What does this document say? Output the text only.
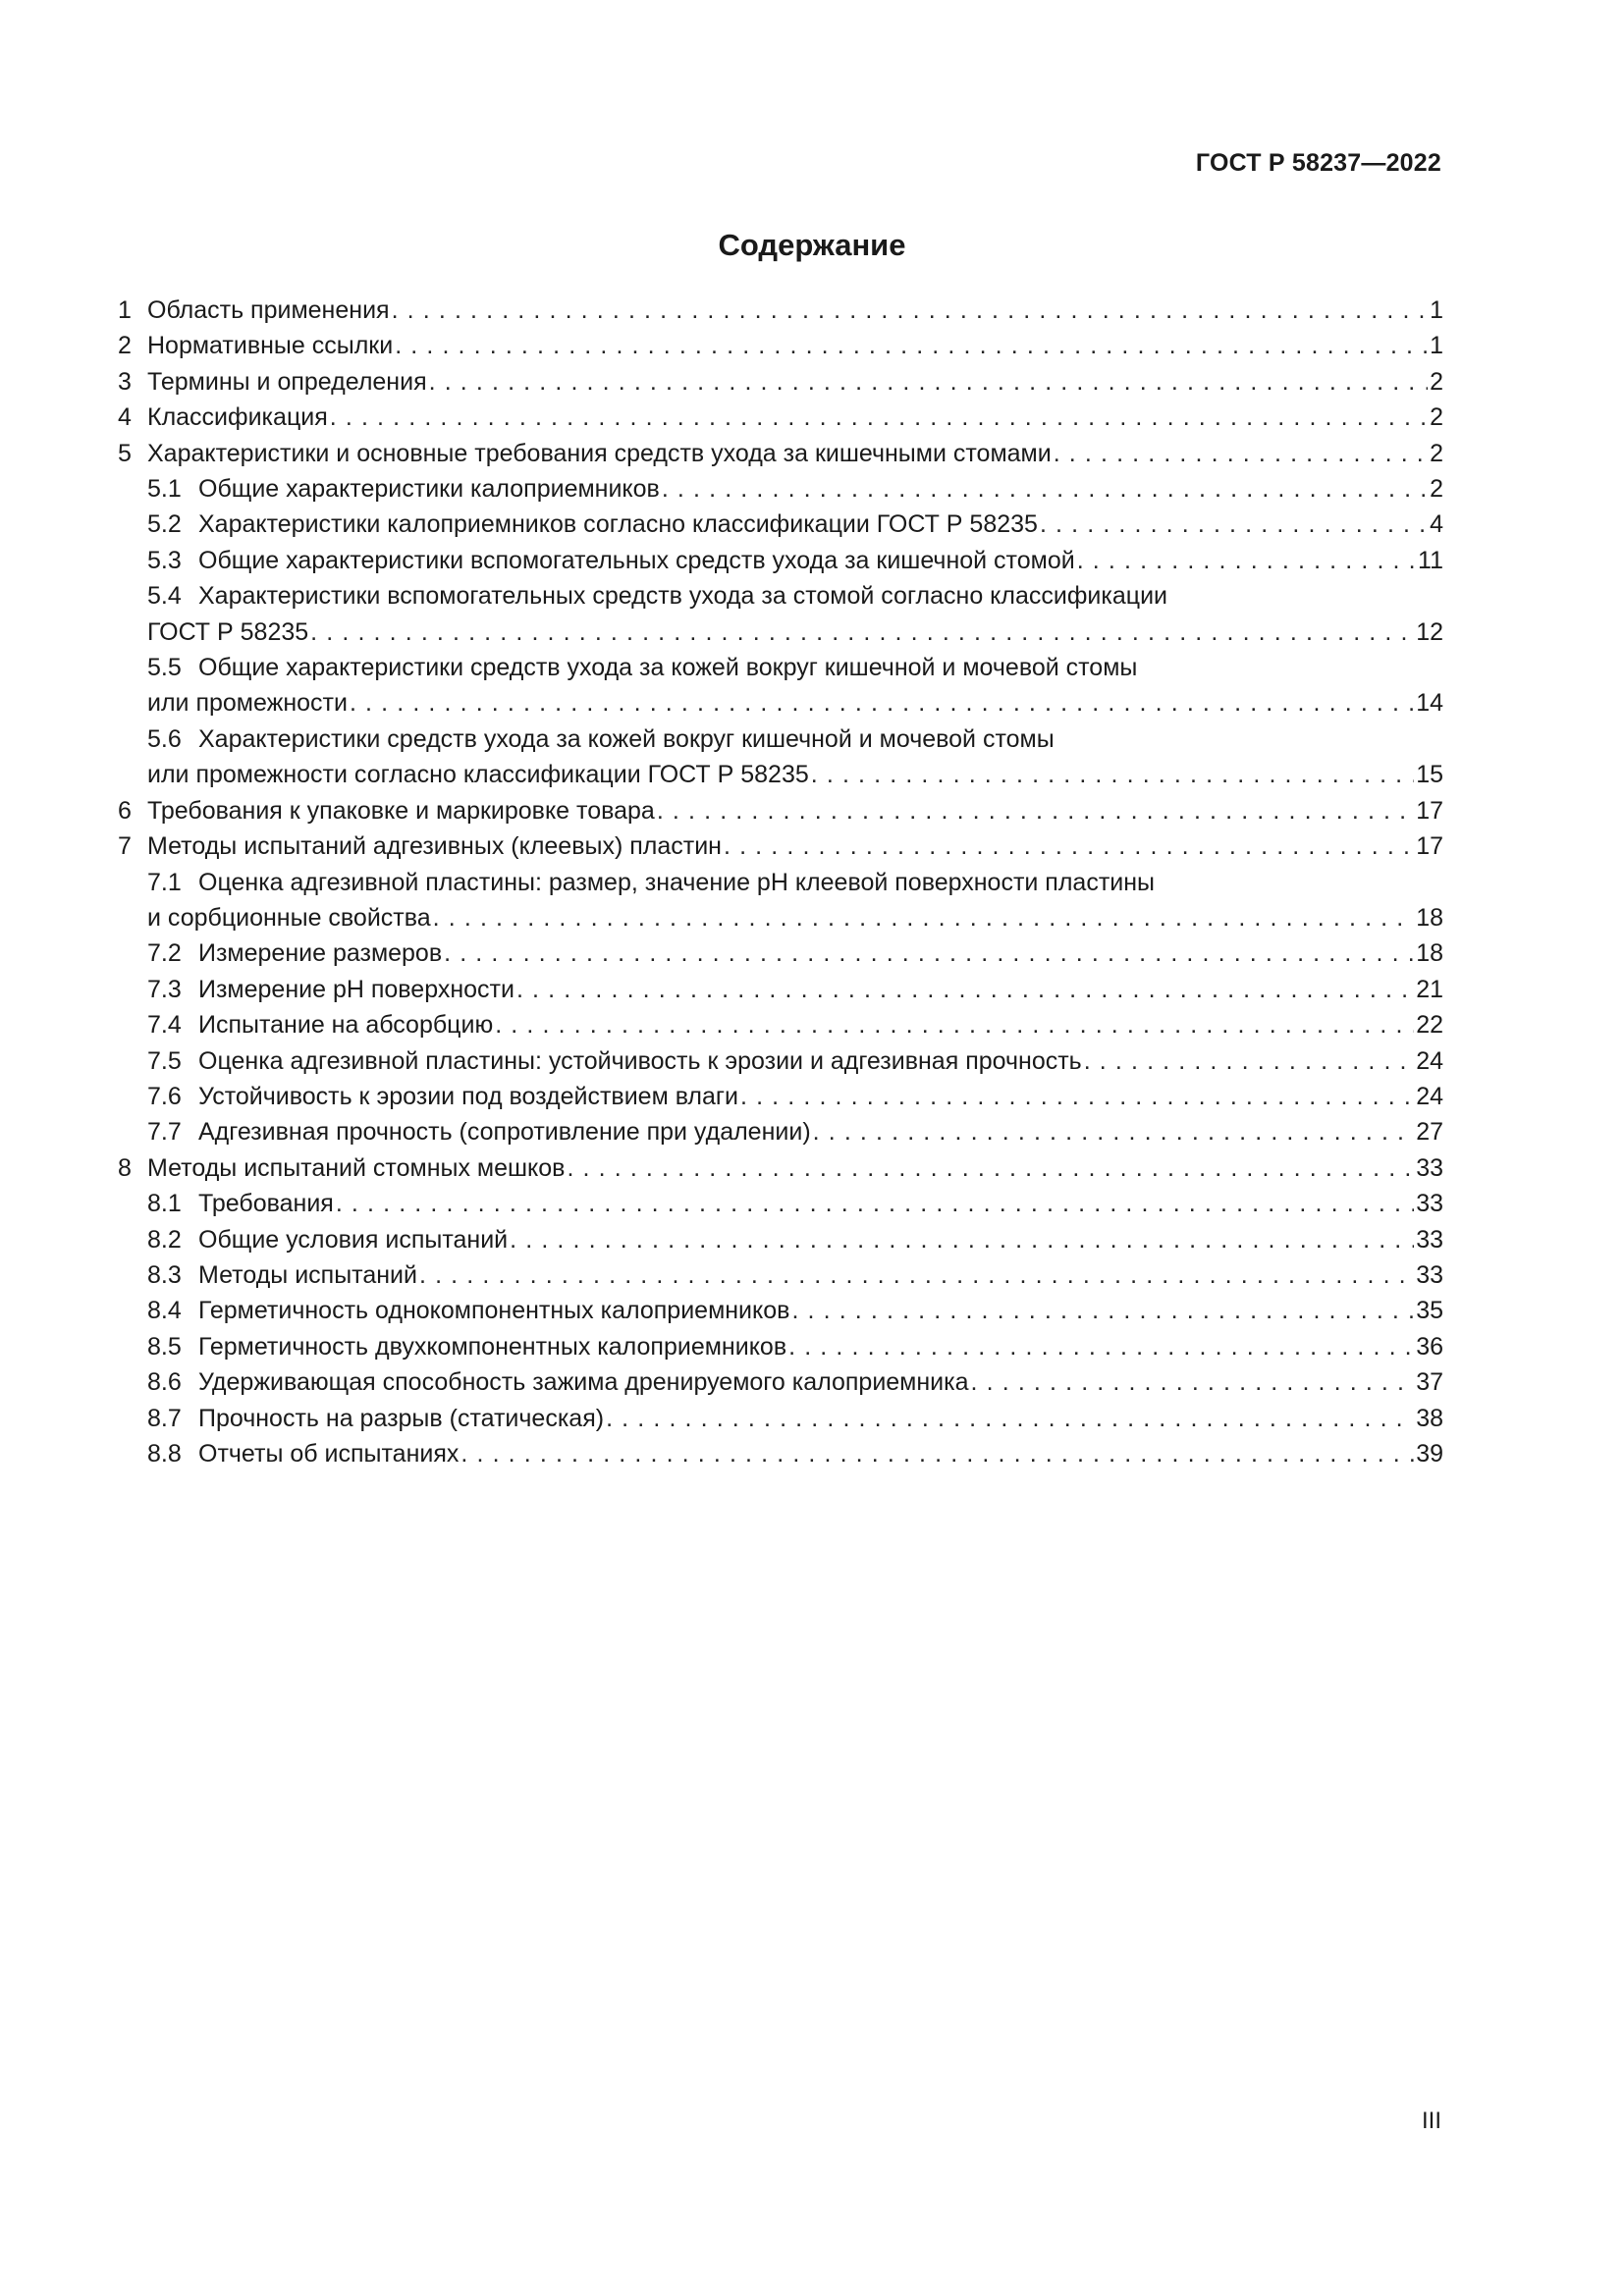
ГОСТ Р 58237—2022
Содержание
1 Область применения . . .	1
2 Нормативные ссылки . . .	1
3 Термины и определения . . .	2
4 Классификация . . .	2
5 Характеристики и основные требования средств ухода за кишечными стомами . . .	2
5.1 Общие характеристики калоприемников . . .	2
5.2 Характеристики калоприемников согласно классификации ГОСТ Р 58235 . . .	4
5.3 Общие характеристики вспомогательных средств ухода за кишечной стомой . . .	11
5.4 Характеристики вспомогательных средств ухода за стомой согласно классификации
ГОСТ Р 58235 . . .	12
5.5 Общие характеристики средств ухода за кожей вокруг кишечной и мочевой стомы
или промежности . . .	14
5.6 Характеристики средств ухода за кожей вокруг кишечной и мочевой стомы
или промежности согласно классификации ГОСТ Р 58235 . . .	15
6 Требования к упаковке и маркировке товара . . .	17
7 Методы испытаний адгезивных (клеевых) пластин . . .	17
7.1 Оценка адгезивной пластины: размер, значение pH клеевой поверхности пластины
и сорбционные свойства . . .	18
7.2 Измерение размеров . . .	18
7.3 Измерение pH поверхности . . .	21
7.4 Испытание на абсорбцию . . .	22
7.5 Оценка адгезивной пластины: устойчивость к эрозии и адгезивная прочность . . .	24
7.6 Устойчивость к эрозии под воздействием влаги . . .	24
7.7 Адгезивная прочность (сопротивление при удалении) . . .	27
8 Методы испытаний стомных мешков . . .	33
8.1 Требования . . .	33
8.2 Общие условия испытаний . . .	33
8.3 Методы испытаний . . .	33
8.4 Герметичность однокомпонентных калоприемников . . .	35
8.5 Герметичность двухкомпонентных калоприемников . . .	36
8.6 Удерживающая способность зажима дренируемого калоприемника . . .	37
8.7 Прочность на разрыв (статическая) . . .	38
8.8 Отчеты об испытаниях . . .	39
III
